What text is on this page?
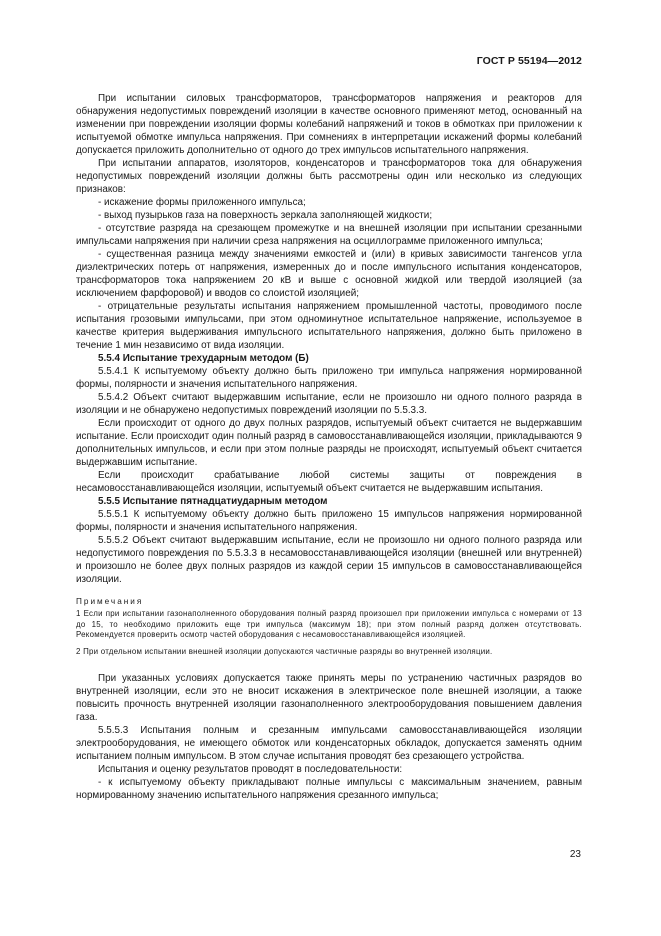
ГОСТ Р 55194—2012

При испытании силовых трансформаторов, трансформаторов напряжения и реакторов для обнаружения недопустимых повреждений изоляции в качестве основного применяют метод, основанный на изменении при повреждении изоляции формы колебаний напряжений и токов в обмотках при приложении к испытуемой обмотке импульса напряжения. При сомнениях в интерпретации искажений формы колебаний допускается приложить дополнительно от одного до трех импульсов испытательного напряжения.

При испытании аппаратов, изоляторов, конденсаторов и трансформаторов тока для обнаружения недопустимых повреждений изоляции должны быть рассмотрены один или несколько из следующих признаков:

- искажение формы приложенного импульса;

- выход пузырьков газа на поверхность зеркала заполняющей жидкости;

- отсутствие разряда на срезающем промежутке и на внешней изоляции при испытании срезанными импульсами напряжения при наличии среза напряжения на осциллограмме приложенного импульса;

- существенная разница между значениями емкостей и (или) в кривых зависимости тангенсов угла диэлектрических потерь от напряжения, измеренных до и после импульсного испытания конденсаторов, трансформаторов тока напряжением 20 кВ и выше с основной жидкой или твердой изоляцией (за исключением фарфоровой) и вводов со слоистой изоляцией;

- отрицательные результаты испытания напряжением промышленной частоты, проводимого после испытания грозовыми импульсами, при этом одноминутное испытательное напряжение, используемое в качестве критерия выдерживания импульсного испытательного напряжения, должно быть приложено в течение 1 мин независимо от вида изоляции.

5.5.4 Испытание трехударным методом (Б)

5.5.4.1 К испытуемому объекту должно быть приложено три импульса напряжения нормированной формы, полярности и значения испытательного напряжения.

5.5.4.2 Объект считают выдержавшим испытание, если не произошло ни одного полного разряда в изоляции и не обнаружено недопустимых повреждений изоляции по 5.5.3.3.

Если происходит от одного до двух полных разрядов, испытуемый объект считается не выдержавшим испытание. Если происходит один полный разряд в самовосстанавливающейся изоляции, прикладываются 9 дополнительных импульсов, и если при этом полные разряды не происходят, испытуемый объект считается выдержавшим испытание.

Если происходит срабатывание любой системы защиты от повреждения в несамовосстанавливающейся изоляции, испытуемый объект считается не выдержавшим испытания.

5.5.5 Испытание пятнадцатиударным методом

5.5.5.1 К испытуемому объекту должно быть приложено 15 импульсов напряжения нормированной формы, полярности и значения испытательного напряжения.

5.5.5.2 Объект считают выдержавшим испытание, если не произошло ни одного полного разряда или недопустимого повреждения по 5.5.3.3 в несамовосстанавливающейся изоляции (внешней или внутренней) и произошло не более двух полных разрядов из каждой серии 15 импульсов в самовосстанавливающейся изоляции.

Примечания

1 Если при испытании газонаполненного оборудования полный разряд произошел при приложении импульса с номерами от 13 до 15, то необходимо приложить еще три импульса (максимум 18); при этом полный разряд должен отсутствовать. Рекомендуется проверить осмотр частей оборудования с несамовосстанавливающейся изоляцией.

2 При отдельном испытании внешней изоляции допускаются частичные разряды во внутренней изоляции.

При указанных условиях допускается также принять меры по устранению частичных разрядов во внутренней изоляции, если это не вносит искажения в электрическое поле внешней изоляции, а также повысить прочность внутренней изоляции газонаполненного электрооборудования повышением давления газа.

5.5.5.3 Испытания полным и срезанным импульсами самовосстанавливающейся изоляции электрооборудования, не имеющего обмоток или конденсаторных обкладок, допускается заменять одним испытанием полным импульсом. В этом случае испытания проводят без срезающего устройства.

Испытания и оценку результатов проводят в последовательности:

- к испытуемому объекту прикладывают полные импульсы с максимальным значением, равным нормированному значению испытательного напряжения срезанного импульса;

23
